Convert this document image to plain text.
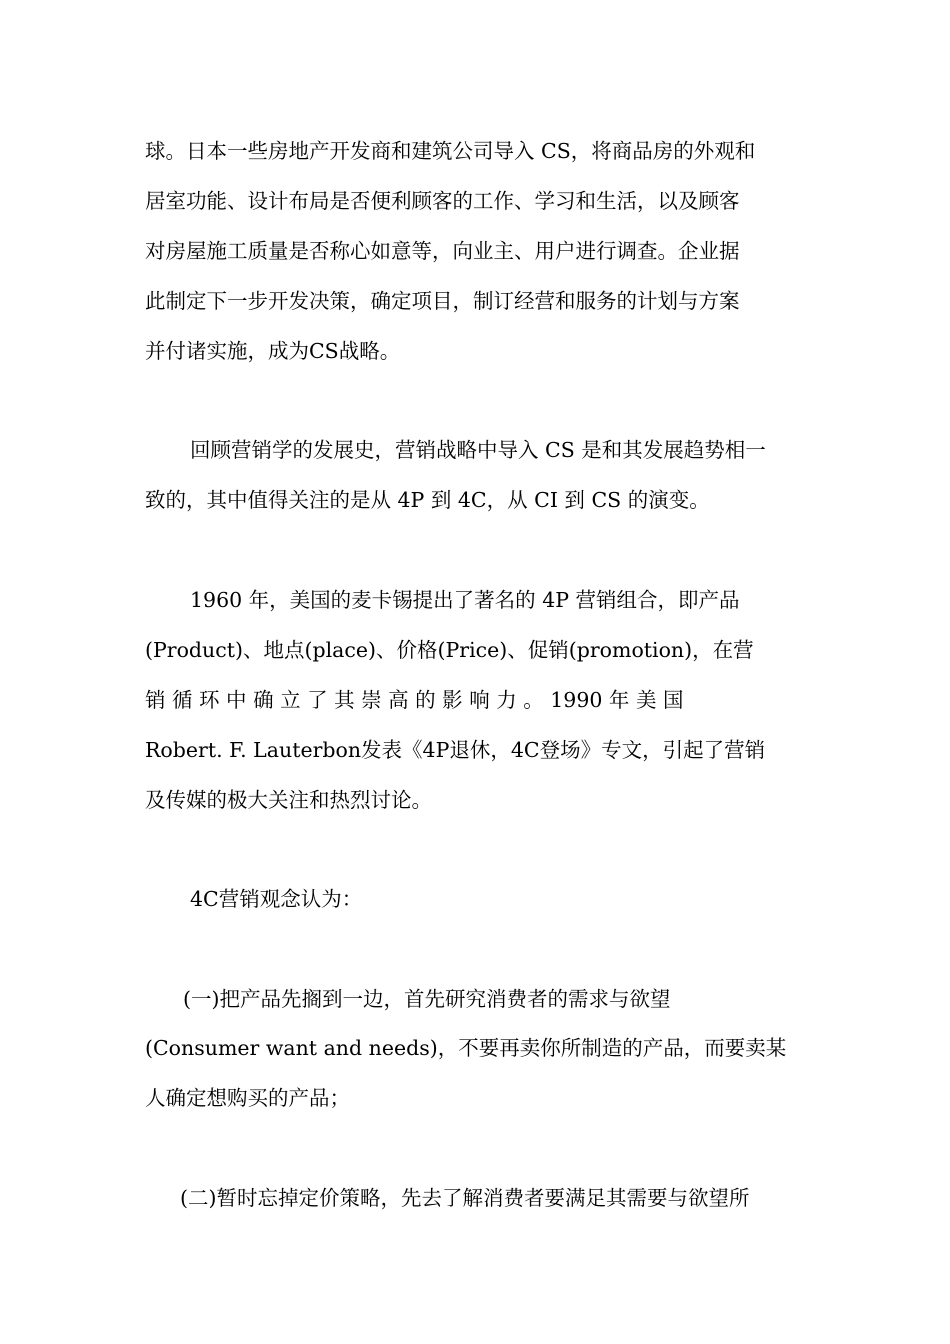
球。日本一些房地产开发商和建筑公司导入 CS，将商品房的外观和
居室功能、设计布局是否便利顾客的工作、学习和生活，以及顾客
对房屋施工质量是否称心如意等，向业主、用户进行调查。企业据
此制定下一步开发决策，确定项目，制订经营和服务的计划与方案
并付诸实施，成为CS战略。
回顾营销学的发展史，营销战略中导入 CS 是和其发展趋势相一
致的，其中值得关注的是从 4P 到 4C，从 CI 到 CS 的演变。
1960 年，美国的麦卡锡提出了著名的 4P 营销组合，即产品
(Product)、地点(place)、价格(Price)、促销(promotion)，在营
销 循 环 中 确 立 了 其 崇 高 的 影 响 力 。 1990 年 美 国
Robert. F. Lauterbon发表《4P退休，4C登场》专文，引起了营销
及传媒的极大关注和热烈讨论。
4C营销观念认为：
(一)把产品先搁到一边，首先研究消费者的需求与欲望
(Consumer want and needs)，不要再卖你所制造的产品，而要卖某
人确定想购买的产品；
(二)暂时忘掉定价策略，先去了解消费者要满足其需要与欲望所
